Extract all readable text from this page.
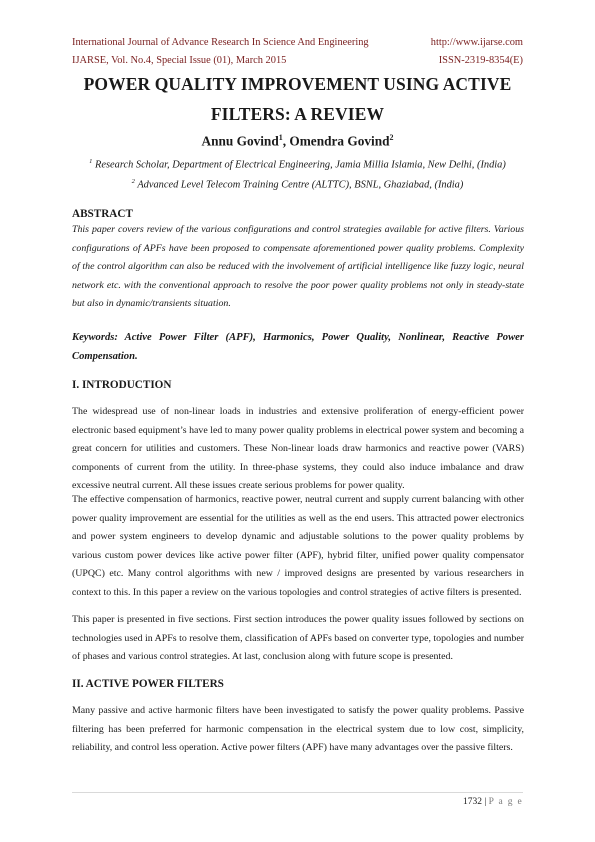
International Journal of Advance Research In Science And Engineering	http://www.ijarse.com
IJARSE, Vol. No.4, Special Issue (01), March 2015	ISSN-2319-8354(E)
POWER QUALITY IMPROVEMENT USING ACTIVE
FILTERS: A REVIEW
Annu Govind$^1$, Omendra Govind$^2$
$^1$ Research Scholar, Department of Electrical Engineering, Jamia Millia Islamia, New Delhi, (India)
$^2$ Advanced Level Telecom Training Centre (ALTTC), BSNL, Ghaziabad, (India)
ABSTRACT

This paper covers review of the various configurations and control strategies available for active filters. Various configurations of APFs have been proposed to compensate aforementioned power quality problems. Complexity of the control algorithm can also be reduced with the involvement of artificial intelligence like fuzzy logic, neural network etc. with the conventional approach to resolve the poor power quality problems not only in steady-state but also in dynamic/transients situation.

Keywords: Active Power Filter (APF), Harmonics, Power Quality, Nonlinear, Reactive Power Compensation.
I. INTRODUCTION

The widespread use of non-linear loads in industries and extensive proliferation of energy-efficient power electronic based equipment’s have led to many power quality problems in electrical power system and becoming a great concern for utilities and customers. These Non-linear loads draw harmonics and reactive power (VARS) components of current from the utility. In three-phase systems, they could also induce imbalance and draw excessive neutral current. All these issues create serious problems for power quality.

The effective compensation of harmonics, reactive power, neutral current and supply current balancing with other power quality improvement are essential for the utilities as well as the end users. This attracted power electronics and power system engineers to develop dynamic and adjustable solutions to the power quality problems by various custom power devices like active power filter (APF), hybrid filter, unified power quality compensator (UPQC) etc. Many control algorithms with new / improved designs are presented by various researchers in context to this. In this paper a review on the various topologies and control strategies of active filters is presented.

This paper is presented in five sections. First section introduces the power quality issues followed by sections on technologies used in APFs to resolve them, classification of APFs based on converter type, topologies and number of phases and various control strategies. At last, conclusion along with future scope is presented.

II. ACTIVE POWER FILTERS

Many passive and active harmonic filters have been investigated to satisfy the power quality problems. Passive filtering has been preferred for harmonic compensation in the electrical system due to low cost, simplicity, reliability, and control less operation. Active power filters (APF) have many advantages over the passive filters.

1732 | P a g e
